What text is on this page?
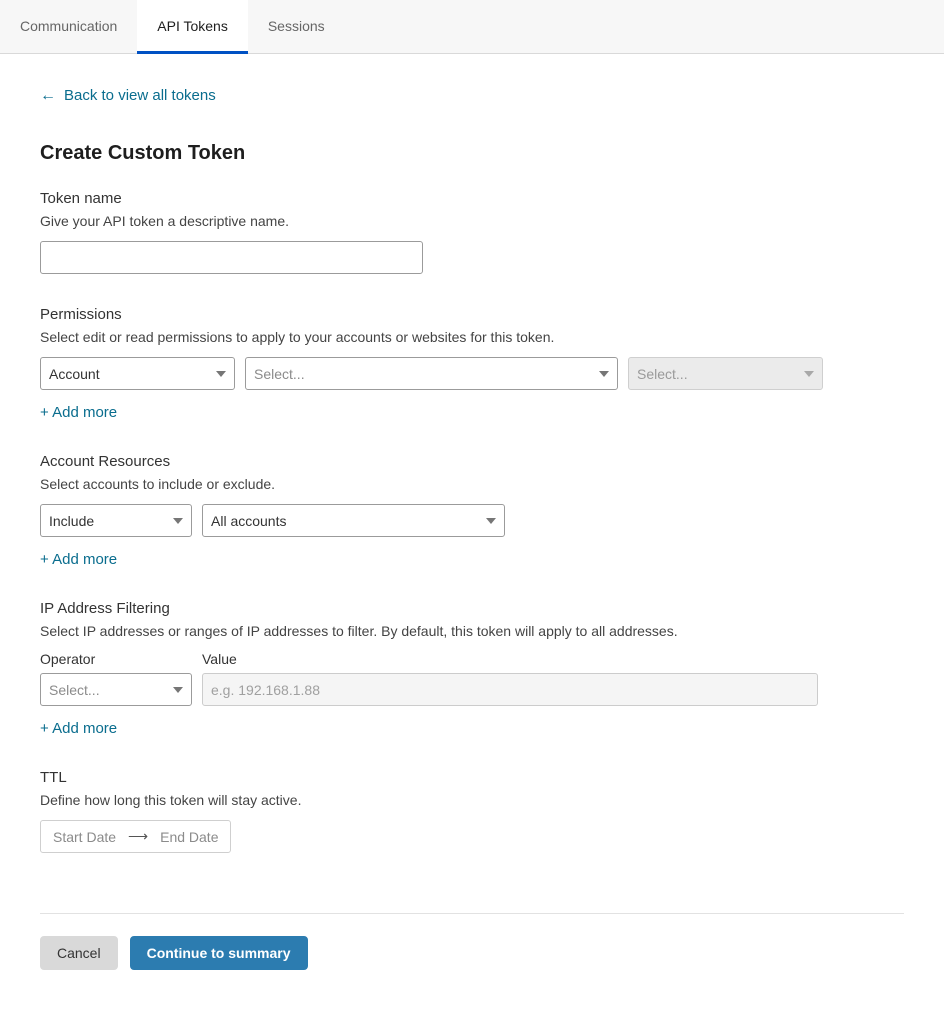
Communication	API Tokens	Sessions
← Back to view all tokens
Create Custom Token

Token name

Give your API token a descriptive name.

Permissions

Select edit or read permissions to apply to your accounts or websites for this token.

Account	Select...	Select...
+ Add more

Account Resources

Select accounts to include or exclude.

Include	All accounts
+ Add more

IP Address Filtering

Select IP addresses or ranges of IP addresses to filter. By default, this token will apply to all addresses.

Operator
Select...
Value
e.g. 192.168.1.88
+ Add more

TTL

Define how long this token will stay active.

Start Date ⟶ End Date
Cancel	Continue to summary
